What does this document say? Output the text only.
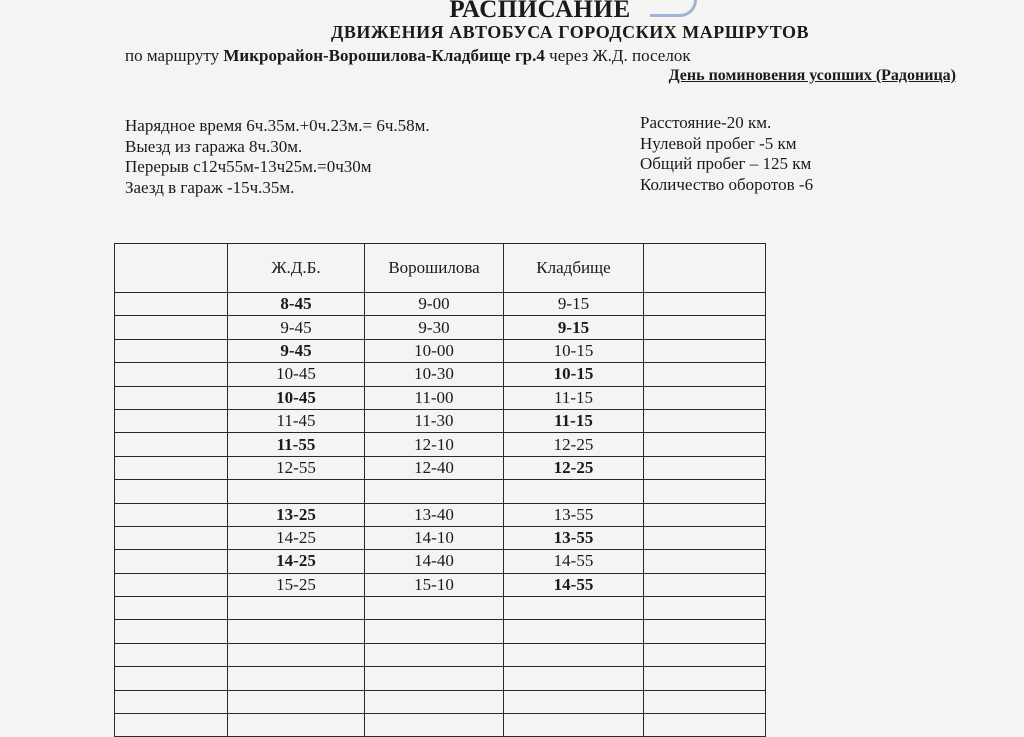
РАСПИСАНИЕ
ДВИЖЕНИЯ АВТОБУСА ГОРОДСКИХ МАРШРУТОВ
по маршруту Микрорайон-Ворошилова-Кладбище гр.4 через Ж.Д. поселок
День поминовения усопших (Радоница)
Нарядное время 6ч.35м.+0ч.23м.= 6ч.58м.
Выезд из гаража 8ч.30м.
Перерыв с12ч55м-13ч25м.=0ч30м
Заезд в гараж -15ч.35м.
Расстояние-20 км.
Нулевой пробег -5 км
Общий пробег – 125 км
Количество оборотов -6
	Ж.Д.Б.	Ворошилова	Кладбище	
	8-45	9-00	9-15	
	9-45	9-30	9-15	
	9-45	10-00	10-15	
	10-45	10-30	10-15	
	10-45	11-00	11-15	
	11-45	11-30	11-15	
	11-55	12-10	12-25	
	12-55	12-40	12-25	

	13-25	13-40	13-55	
	14-25	14-10	13-55	
	14-25	14-40	14-55	
	15-25	15-10	14-55	
